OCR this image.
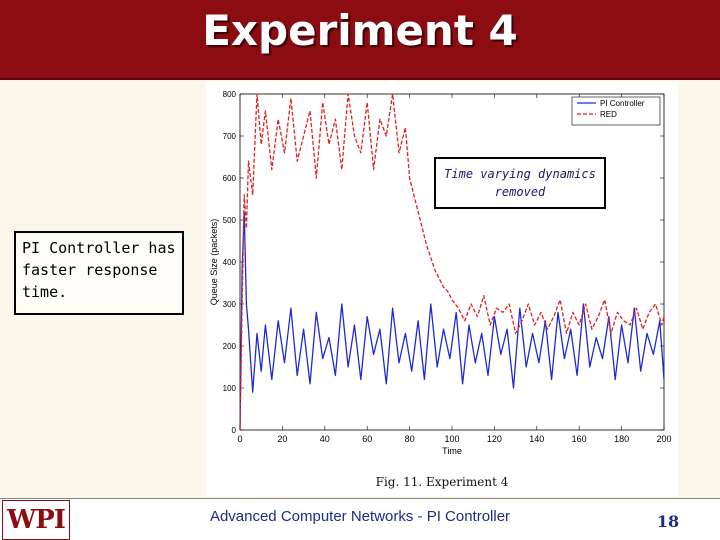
Experiment 4
0	20	40	60	80	100	120	140	160	180	200
0
100
200
300
400
500
600
700
800
Time
Queue Size (packets)
PI Controller
RED
Fig. 11. Experiment 4
Time varying dynamics removed
PI Controller has faster response time.
WPI	Advanced Computer Networks - PI Controller	18
